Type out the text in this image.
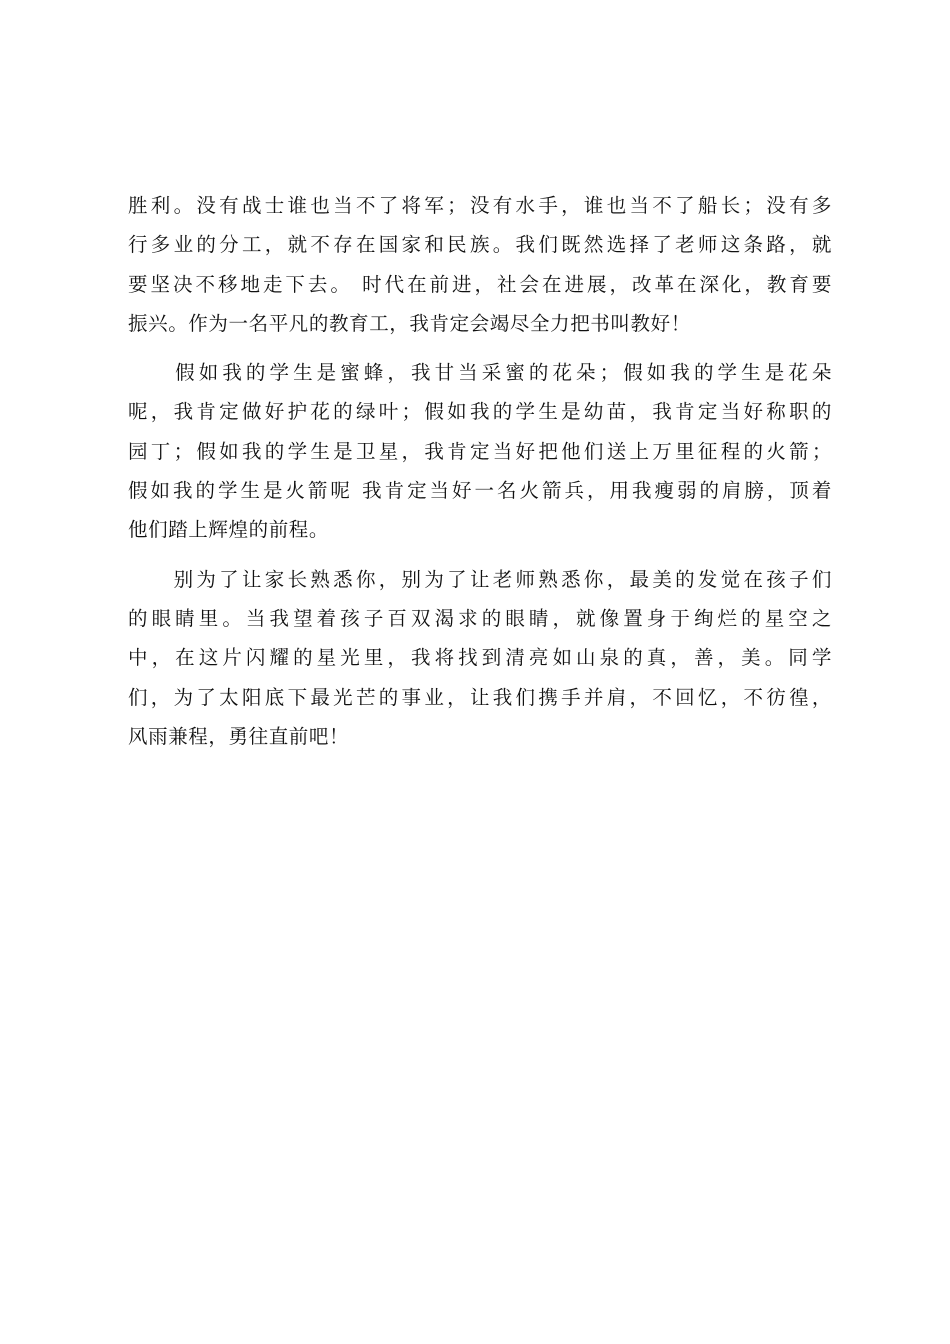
胜利。没有战士谁也当不了将军；没有水手，谁也当不了船长；没有多
行多业的分工，就不存在国家和民族。我们既然选择了老师这条路，就
要坚决不移地走下去。 时代在前进，社会在进展，改革在深化，教育要
振兴。作为一名平凡的教育工，我肯定会竭尽全力把书叫教好！
　　假如我的学生是蜜蜂，我甘当采蜜的花朵；假如我的学生是花朵
呢，我肯定做好护花的绿叶；假如我的学生是幼苗，我肯定当好称职的
园丁；假如我的学生是卫星，我肯定当好把他们送上万里征程的火箭；
假如我的学生是火箭呢 我肯定当好一名火箭兵，用我瘦弱的肩膀，顶着
他们踏上辉煌的前程。
　　别为了让家长熟悉你，别为了让老师熟悉你，最美的发觉在孩子们
的眼睛里。当我望着孩子百双渴求的眼睛，就像置身于绚烂的星空之
中，在这片闪耀的星光里，我将找到清亮如山泉的真，善，美。同学
们，为了太阳底下最光芒的事业，让我们携手并肩，不回忆，不彷徨，
风雨兼程，勇往直前吧！
